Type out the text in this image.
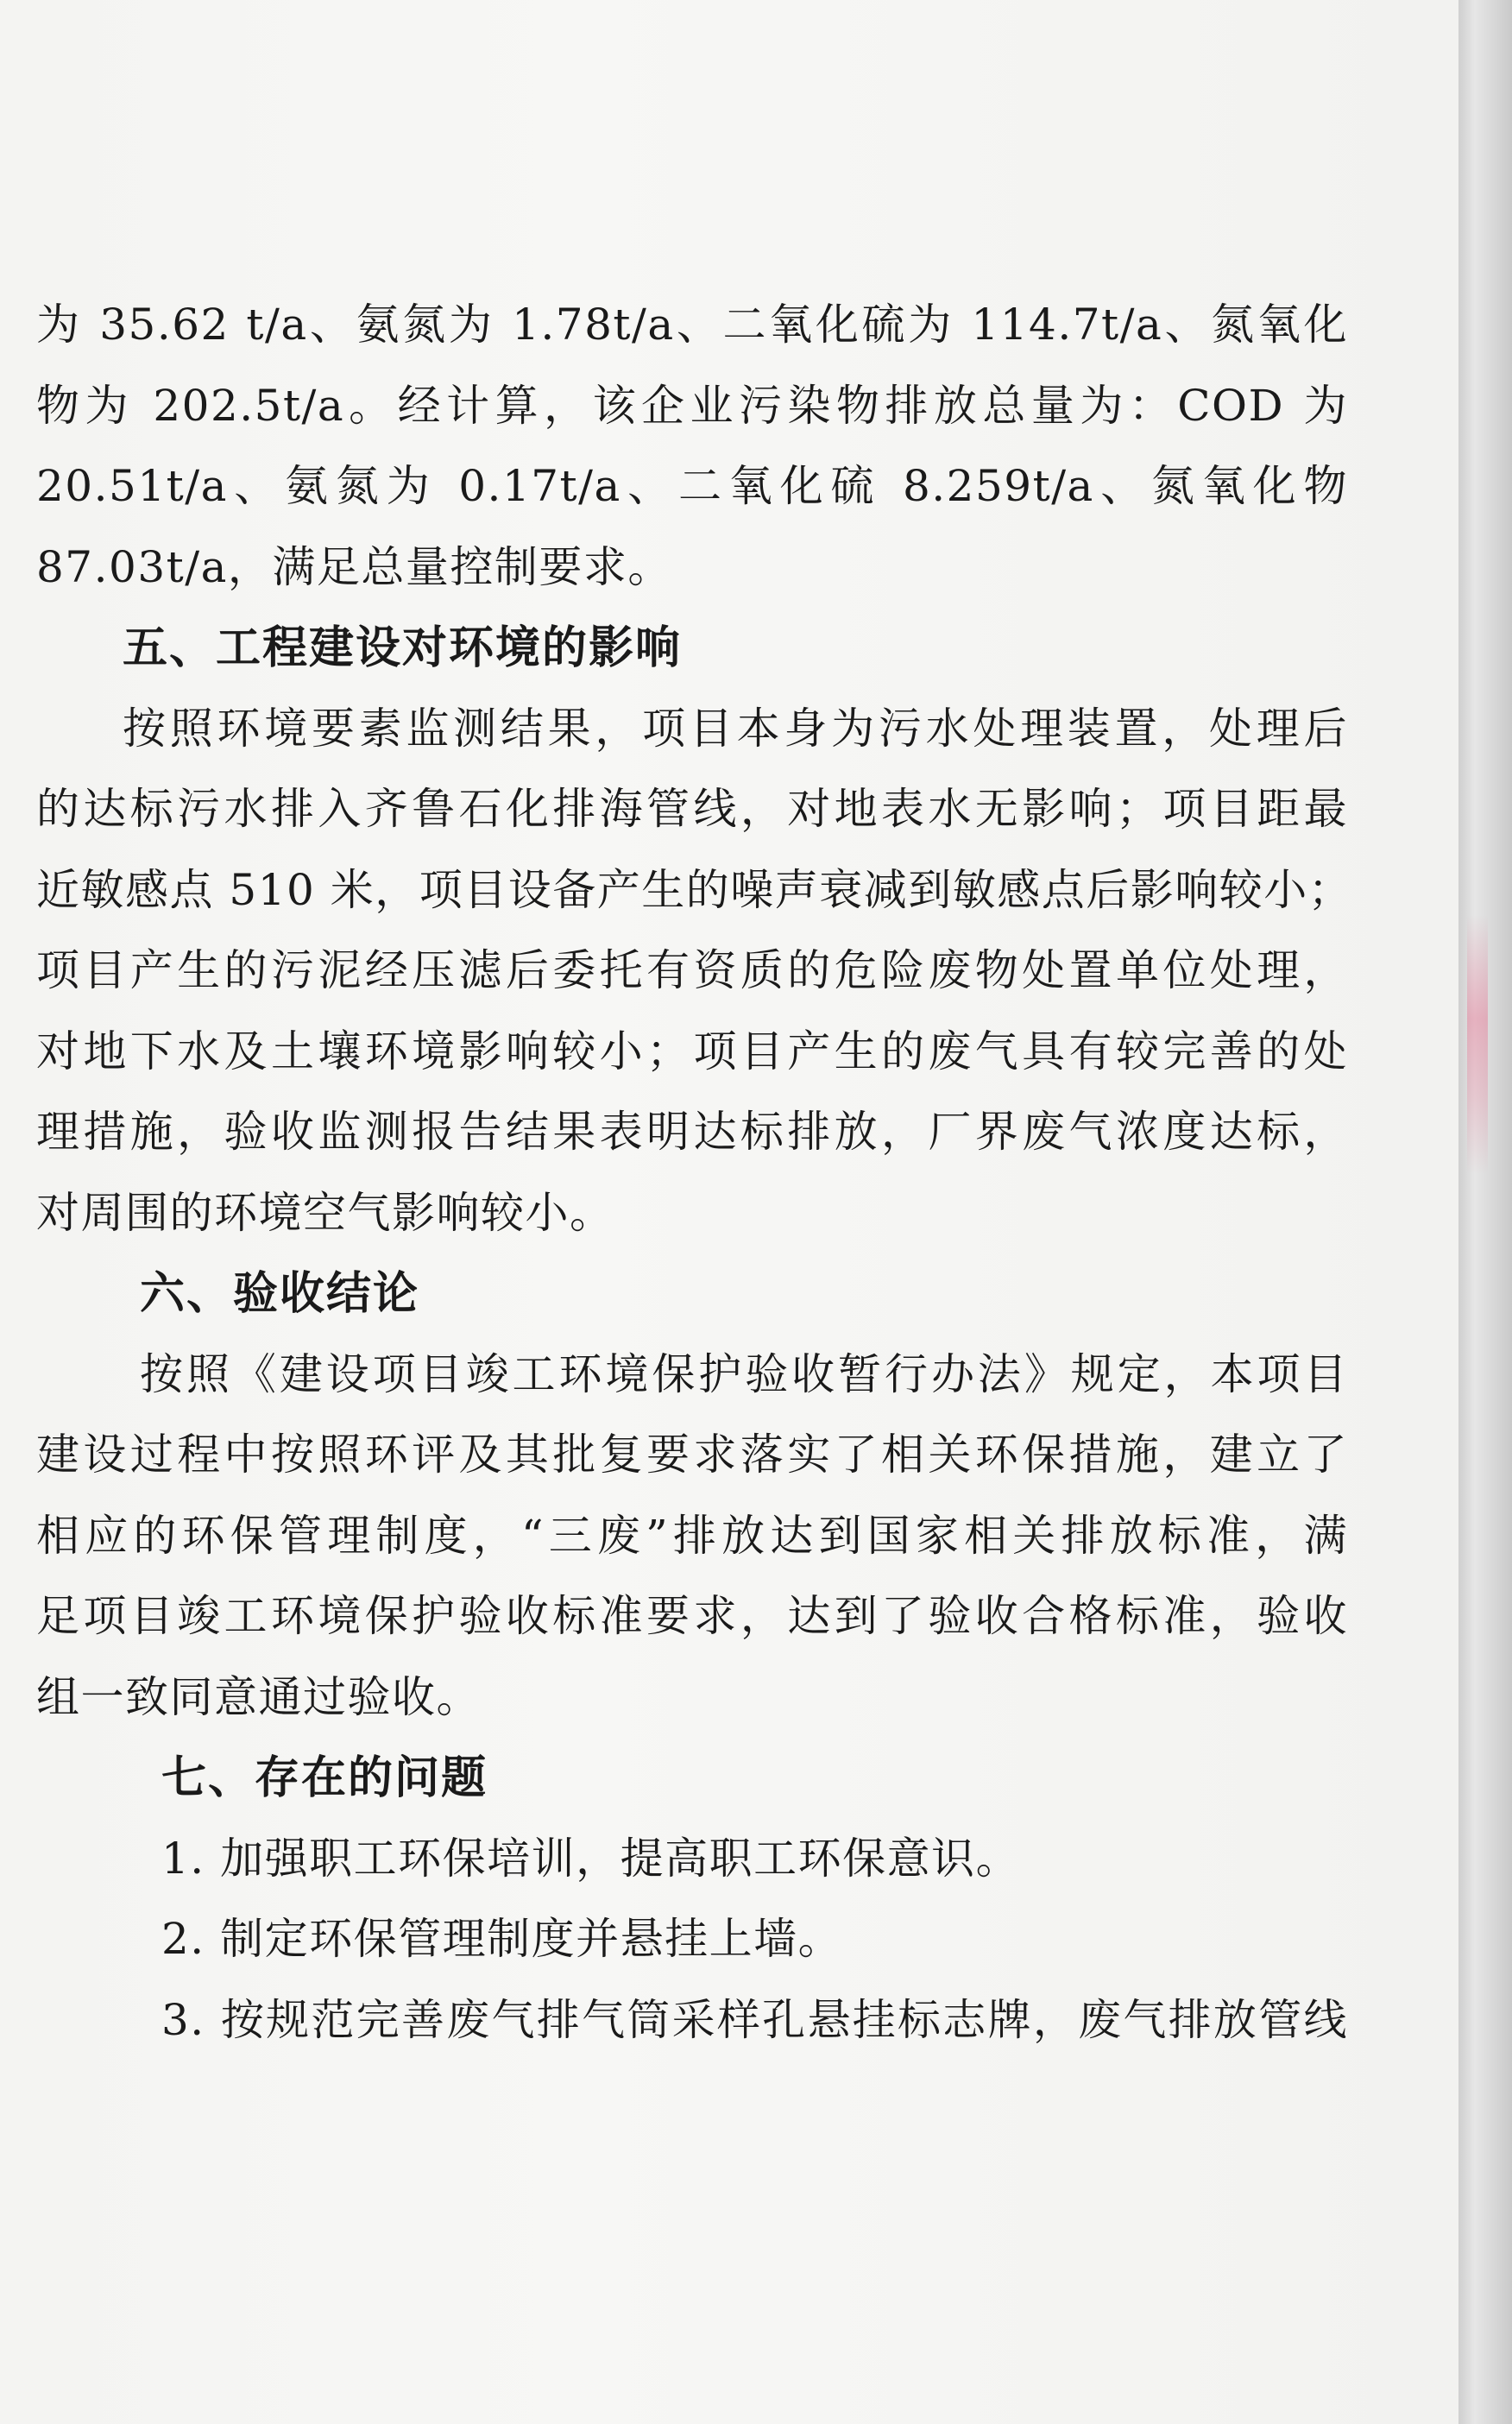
为 35.62 t/a、氨氮为 1.78t/a、二氧化硫为 114.7t/a、氮氧化
物为 202.5t/a。经计算，该企业污染物排放总量为：COD 为
20.51t/a、氨氮为 0.17t/a、二氧化硫 8.259t/a、氮氧化物
87.03t/a，满足总量控制要求。
五、工程建设对环境的影响
按照环境要素监测结果，项目本身为污水处理装置，处理后
的达标污水排入齐鲁石化排海管线，对地表水无影响；项目距最
近敏感点 510 米，项目设备产生的噪声衰减到敏感点后影响较小；
项目产生的污泥经压滤后委托有资质的危险废物处置单位处理，
对地下水及土壤环境影响较小；项目产生的废气具有较完善的处
理措施，验收监测报告结果表明达标排放，厂界废气浓度达标，
对周围的环境空气影响较小。
六、验收结论
按照《建设项目竣工环境保护验收暂行办法》规定，本项目
建设过程中按照环评及其批复要求落实了相关环保措施，建立了
相应的环保管理制度，“三废”排放达到国家相关排放标准，满
足项目竣工环境保护验收标准要求，达到了验收合格标准，验收
组一致同意通过验收。
七、存在的问题
1. 加强职工环保培训，提高职工环保意识。
2. 制定环保管理制度并悬挂上墙。
3. 按规范完善废气排气筒采样孔悬挂标志牌，废气排放管线
